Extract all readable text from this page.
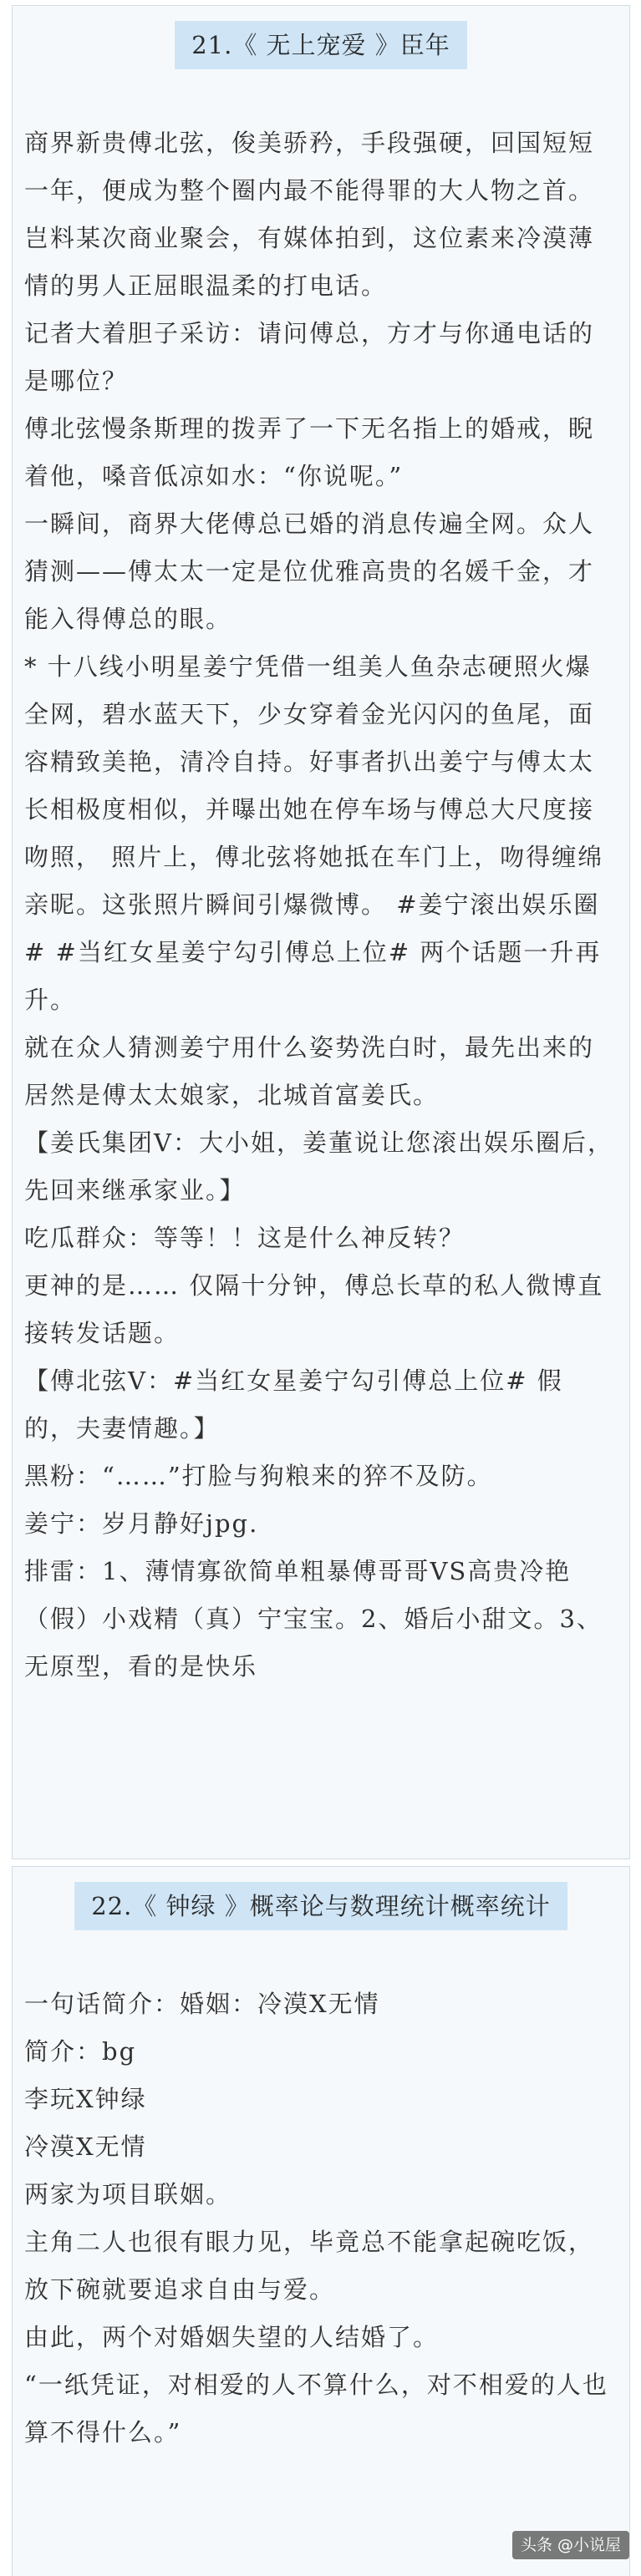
21.《 无上宠爱 》臣年

商界新贵傅北弦，俊美骄矜，手段强硬，回国短短一年，便成为整个圈内最不能得罪的大人物之首。岂料某次商业聚会，有媒体拍到，这位素来冷漠薄情的男人正屈眼温柔的打电话。

记者大着胆子采访：请问傅总，方才与你通电话的是哪位？

傅北弦慢条斯理的拨弄了一下无名指上的婚戒，睨着他，嗓音低凉如水：“你说呢。”

一瞬间，商界大佬傅总已婚的消息传遍全网。众人猜测——傅太太一定是位优雅高贵的名媛千金，才能入得傅总的眼。

* 十八线小明星姜宁凭借一组美人鱼杂志硬照火爆全网，碧水蓝天下，少女穿着金光闪闪的鱼尾，面容精致美艳，清冷自持。好事者扒出姜宁与傅太太长相极度相似，并曝出她在停车场与傅总大尺度接吻照， 照片上，傅北弦将她抵在车门上，吻得缠绵亲昵。这张照片瞬间引爆微博。 #姜宁滚出娱乐圈# #当红女星姜宁勾引傅总上位# 两个话题一升再升。

就在众人猜测姜宁用什么姿势洗白时，最先出来的居然是傅太太娘家，北城首富姜氏。

【姜氏集团V：大小姐，姜董说让您滚出娱乐圈后，先回来继承家业。】

吃瓜群众：等等！！这是什么神反转？

更神的是…… 仅隔十分钟，傅总长草的私人微博直接转发话题。

【傅北弦V：#当红女星姜宁勾引傅总上位# 假的，夫妻情趣。】

黑粉：“……”打脸与狗粮来的猝不及防。

姜宁：岁月静好jpg.

排雷：1、薄情寡欲简单粗暴傅哥哥VS高贵冷艳（假）小戏精（真）宁宝宝。2、婚后小甜文。3、无原型，看的是快乐

22.《 钟绿 》概率论与数理统计概率统计

一句话简介：婚姻：冷漠X无情

简介：bg

李玩X钟绿

冷漠X无情

两家为项目联姻。

主角二人也很有眼力见，毕竟总不能拿起碗吃饭，放下碗就要追求自由与爱。

由此，两个对婚姻失望的人结婚了。

“一纸凭证，对相爱的人不算什么，对不相爱的人也算不得什么。”

头条 @小说屋
